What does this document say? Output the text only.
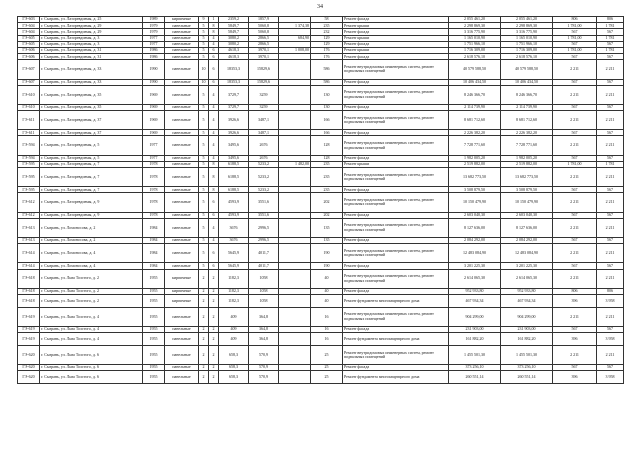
34
ГЭ-603	г. Сызрань, ул. Лазоревдовмы, д. 25	1989	кирпичные	9	1	2359,2	1857,9		58	Ремонт фасада	2 055 461,20	2 055 461,20	806	806
ГЭ-604	г. Сызрань, ул. Лазоревдовмы, д. 29	1979	панельные	5	8	5849,7	5060,8	1 374,38	235	Ремонт крыши	2 298 869,30	2 298 869,30	1 781,00	1 781
ГЭ-604	г. Сызрань, ул. Лазоревдовмы, д. 29	1979	панельные	5	8	5849,7	5060,8		232	Ремонт фасада	3 316 775,90	3 316 775,90	567	567
ГЭ-605	г. Сызрань, ул. Лазоревдовмы, д. 3	1977	панельные	5	4	3080,2	2866,5	684,90	129	Ремонт крыши	1 165 010,90	1 165 010,90	1 781,00	1 781
ГЭ-605	г. Сызрань, ул. Лазоревдовмы, д. 3	1977	панельные	5	4	3080,2	2866,5		129	Ремонт фасада	1 751 966,10	1 751 966,10	567	567
ГЭ-606	г. Сызрань, ул. Лазоревдовмы, д. 31	1986	панельные	5	6	4618,3	3970,1	1 008,00	176	Ремонт крыши	1 716 309,00	1 716 309,00	1 781,00	1 781
ГЭ-606	г. Сызрань, ул. Лазоревдовмы, д. 31	1986	панельные	5	6	4618,3	3970,1		176	Ремонт фасада	2 618 576,10	2 618 576,10	567	567
ГЭ-607	г. Сызрань, ул. Лазоревдовмы, д. 33	1990	панельные	10	6	18353,3	15829,6		586	Ремонт внутридомовых инженерных систем, ремонт подвальных помещений	40 579 588,50	40 579 588,50	2 211	2 211
ГЭ-607	г. Сызрань, ул. Лазоревдовмы, д. 33	1990	панельные	10	6	18353,3	15829,6		586	Ремонт фасада	10 406 434,50	10 406 434,50	567	567
ГЭ-610	г. Сызрань, ул. Лазоревдовмы, д. 35	1969	панельные	5	4	3729,7	3259		130	Ремонт внутридомовых инженерных систем, ремонт подвальных помещений	8 246 366,70	8 246 366,70	2 211	2 211
ГЭ-610	г. Сызрань, ул. Лазоревдовмы, д. 35	1969	панельные	5	4	3729,7	3259		130	Ремонт фасада	2 114 739,90	2 114 739,90	567	567
ГЭ-611	г. Сызрань, ул. Лазоревдовмы, д. 37	1969	панельные	5	4	3926,6	3487,1		166	Ремонт внутридомовых инженерных систем, ремонт подвальных помещений	8 681 712,60	8 681 712,60	2 211	2 211
ГЭ-611	г. Сызрань, ул. Лазоревдовмы, д. 37	1969	панельные	5	4	3926,6	3487,1		166	Ремонт фасада	2 226 382,20	2 226 382,20	567	567
ГЭ-594	г. Сызрань, ул. Лазоревдовмы, д. 5	1977	панельные	5	4	3495,6	2676		128	Ремонт внутридомовых инженерных систем, ремонт подвальных помещений	7 728 771,60	7 728 771,60	2 211	2 211
ГЭ-594	г. Сызрань, ул. Лазоревдовмы, д. 5	1977	панельные	5	4	3495,6	2676		128	Ремонт фасада	1 982 005,20	1 982 005,20	567	567
ГЭ-595	г. Сызрань, ул. Лазоревдовмы, д. 7	1978	панельные	5	8	6188,5	5233,2	1 482,00	235	Ремонт крыши	2 519 882,00	2 519 882,00	1 781,00	1 781
ГЭ-595	г. Сызрань, ул. Лазоревдовмы, д. 7	1978	панельные	5	8	6188,5	5233,2		235	Ремонт внутридомовых инженерных систем, ремонт подвальных помещений	13 682 773,50	13 682 773,50	2 211	2 211
ГЭ-595	г. Сызрань, ул. Лазоревдовмы, д. 7	1978	панельные	5	8	6188,5	5233,2		235	Ремонт фасада	3 508 879,50	3 508 879,50	567	567
ГЭ-612	г. Сызрань, ул. Лазоревдовмы, д. 9	1978	панельные	5	6	4593,9	3551,6		202	Ремонт внутридомовых инженерных систем, ремонт подвальных помещений	10 150 479,90	10 150 479,90	2 211	2 211
ГЭ-612	г. Сызрань, ул. Лазоревдовмы, д. 9	1978	панельные	5	6	4593,9	3551,6		202	Ремонт фасада	2 603 040,30	2 603 040,30	567	567
ГЭ-613	г. Сызрань, ул. Ломоносова, д. 2	1984	панельные	5	4	3676	2996,5		135	Ремонт внутридомовых инженерных систем, ремонт подвальных помещений	8 127 636,00	8 127 636,00	2 211	2 211
ГЭ-613	г. Сызрань, ул. Ломоносова, д. 2	1984	панельные	5	4	3676	2996,5		135	Ремонт фасада	2 084 292,00	2 084 292,00	567	567
ГЭ-614	г. Сызрань, ул. Ломоносова, д. 4	1984	панельные	5	6	5645,9	4011,7		190	Ремонт внутридомовых инженерных систем, ремонт подвальных помещений	12 483 084,90	12 483 084,90	2 211	2 211
ГЭ-614	г. Сызрань, ул. Ломоносова, д. 4	1984	панельные	5	6	5645,9	4011,7		190	Ремонт фасада	3 201 225,30	3 201 225,30	567	567
ГЭ-618	г. Сызрань, ул. Льва Толстого, д. 2	1955	кирпичные	2	2	1182,3	1058		40	Ремонт внутридомовых инженерных систем, ремонт подвальных помещений	2 614 065,30	2 614 065,30	2 211	2 211
ГЭ-618	г. Сызрань, ул. Льва Толстого, д. 2	1955	кирпичные	2	2	1182,3	1058		40	Ремонт фасада	952 933,80	952 933,80	806	806
ГЭ-618	г. Сызрань, ул. Льва Толстого, д. 2	1955	кирпичные	2	2	1182,3	1058		40	Ремонт фундамента многоквартирного дома	467 934,34	467 934,34	396	3 958
ГЭ-619	г. Сызрань, ул. Льва Толстого, д. 4	1955	панельные	2	2	409	364,8		16	Ремонт внутридомовых инженерных систем, ремонт подвальных помещений	904 299,00	904 299,00	2 211	2 211
ГЭ-619	г. Сызрань, ул. Льва Толстого, д. 4	1955	панельные	2	2	409	364,8		16	Ремонт фасада	231 903,00	231 903,00	567	567
ГЭ-619	г. Сызрань, ул. Льва Толстого, д. 4	1955	панельные	2	2	409	364,8		16	Ремонт фундамента многоквартирного дома	161 882,20	161 882,20	396	3 958
ГЭ-620	г. Сызрань, ул. Льва Толстого, д. 6	1955	панельные	2	2	658,3	570,9		25	Ремонт внутридомовых инженерных систем, ремонт подвальных помещений	1 455 501,30	1 455 501,30	2 211	2 211
ГЭ-620	г. Сызрань, ул. Льва Толстого, д. 6	1955	панельные	2	2	658,3	570,9		25	Ремонт фасада	373 256,10	373 256,10	567	567
ГЭ-620	г. Сызрань, ул. Льва Толстого, д. 6	1955	панельные	2	2	658,3	570,9		25	Ремонт фундамента многоквартирного дома	260 551,14	260 551,14	396	3 958
